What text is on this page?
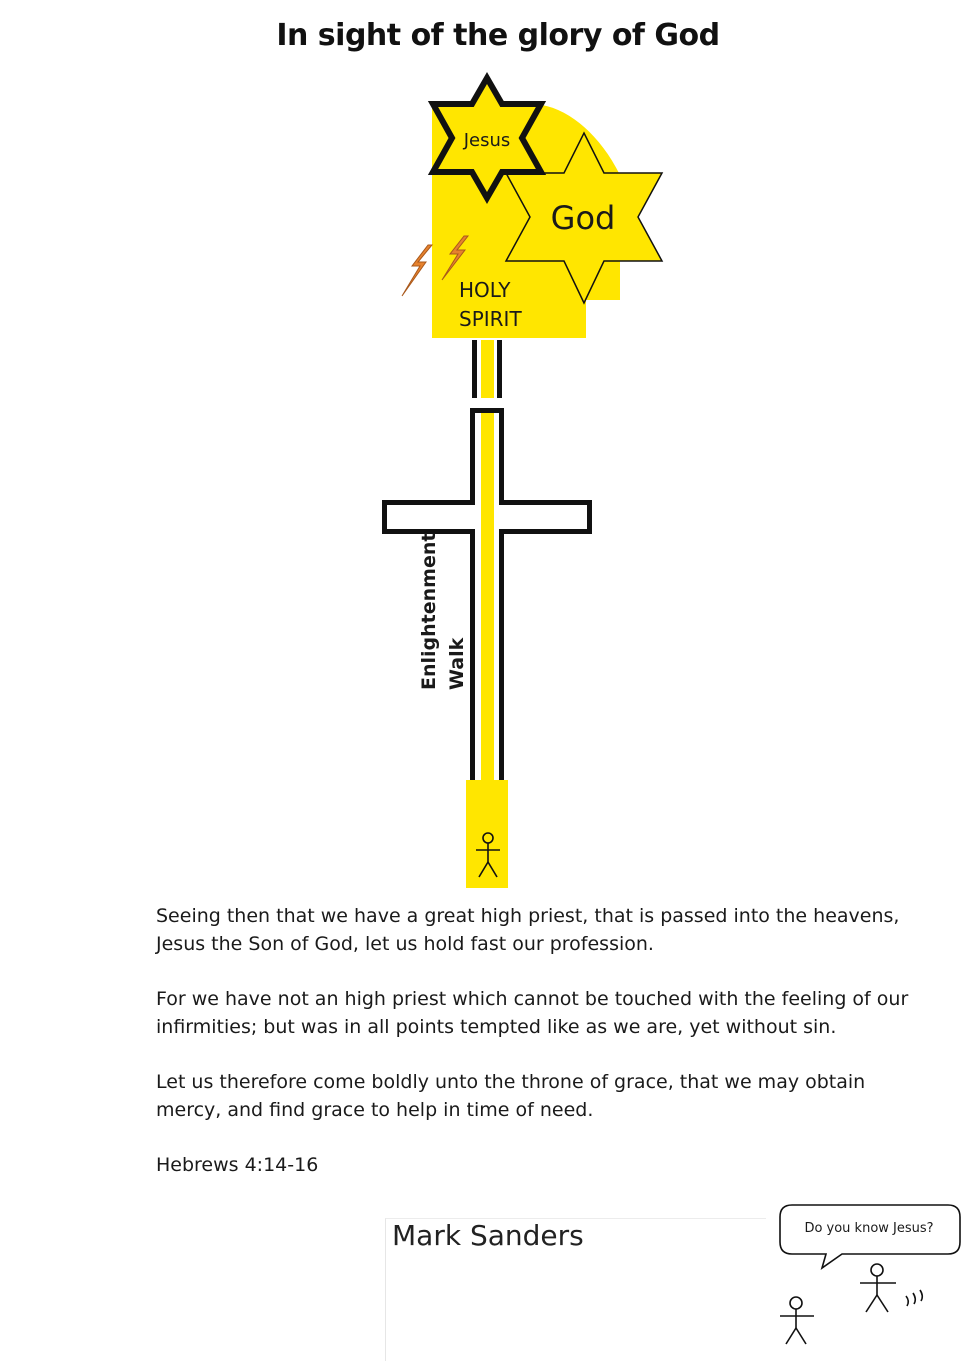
In sight of the glory of God
God
Jesus
HOLY
SPIRIT
Enlightenment Walk
Do you know Jesus?

Seeing then that we have a great high priest, that is passed into the heavens, Jesus the Son of God, let us hold fast our profession.

For we have not an high priest which cannot be touched with the feeling of our infirmities; but was in all points tempted like as we are, yet without sin.

Let us therefore come boldly unto the throne of grace, that we may obtain mercy, and find grace to help in time of need.

Hebrews 4:14-16

Mark Sanders
